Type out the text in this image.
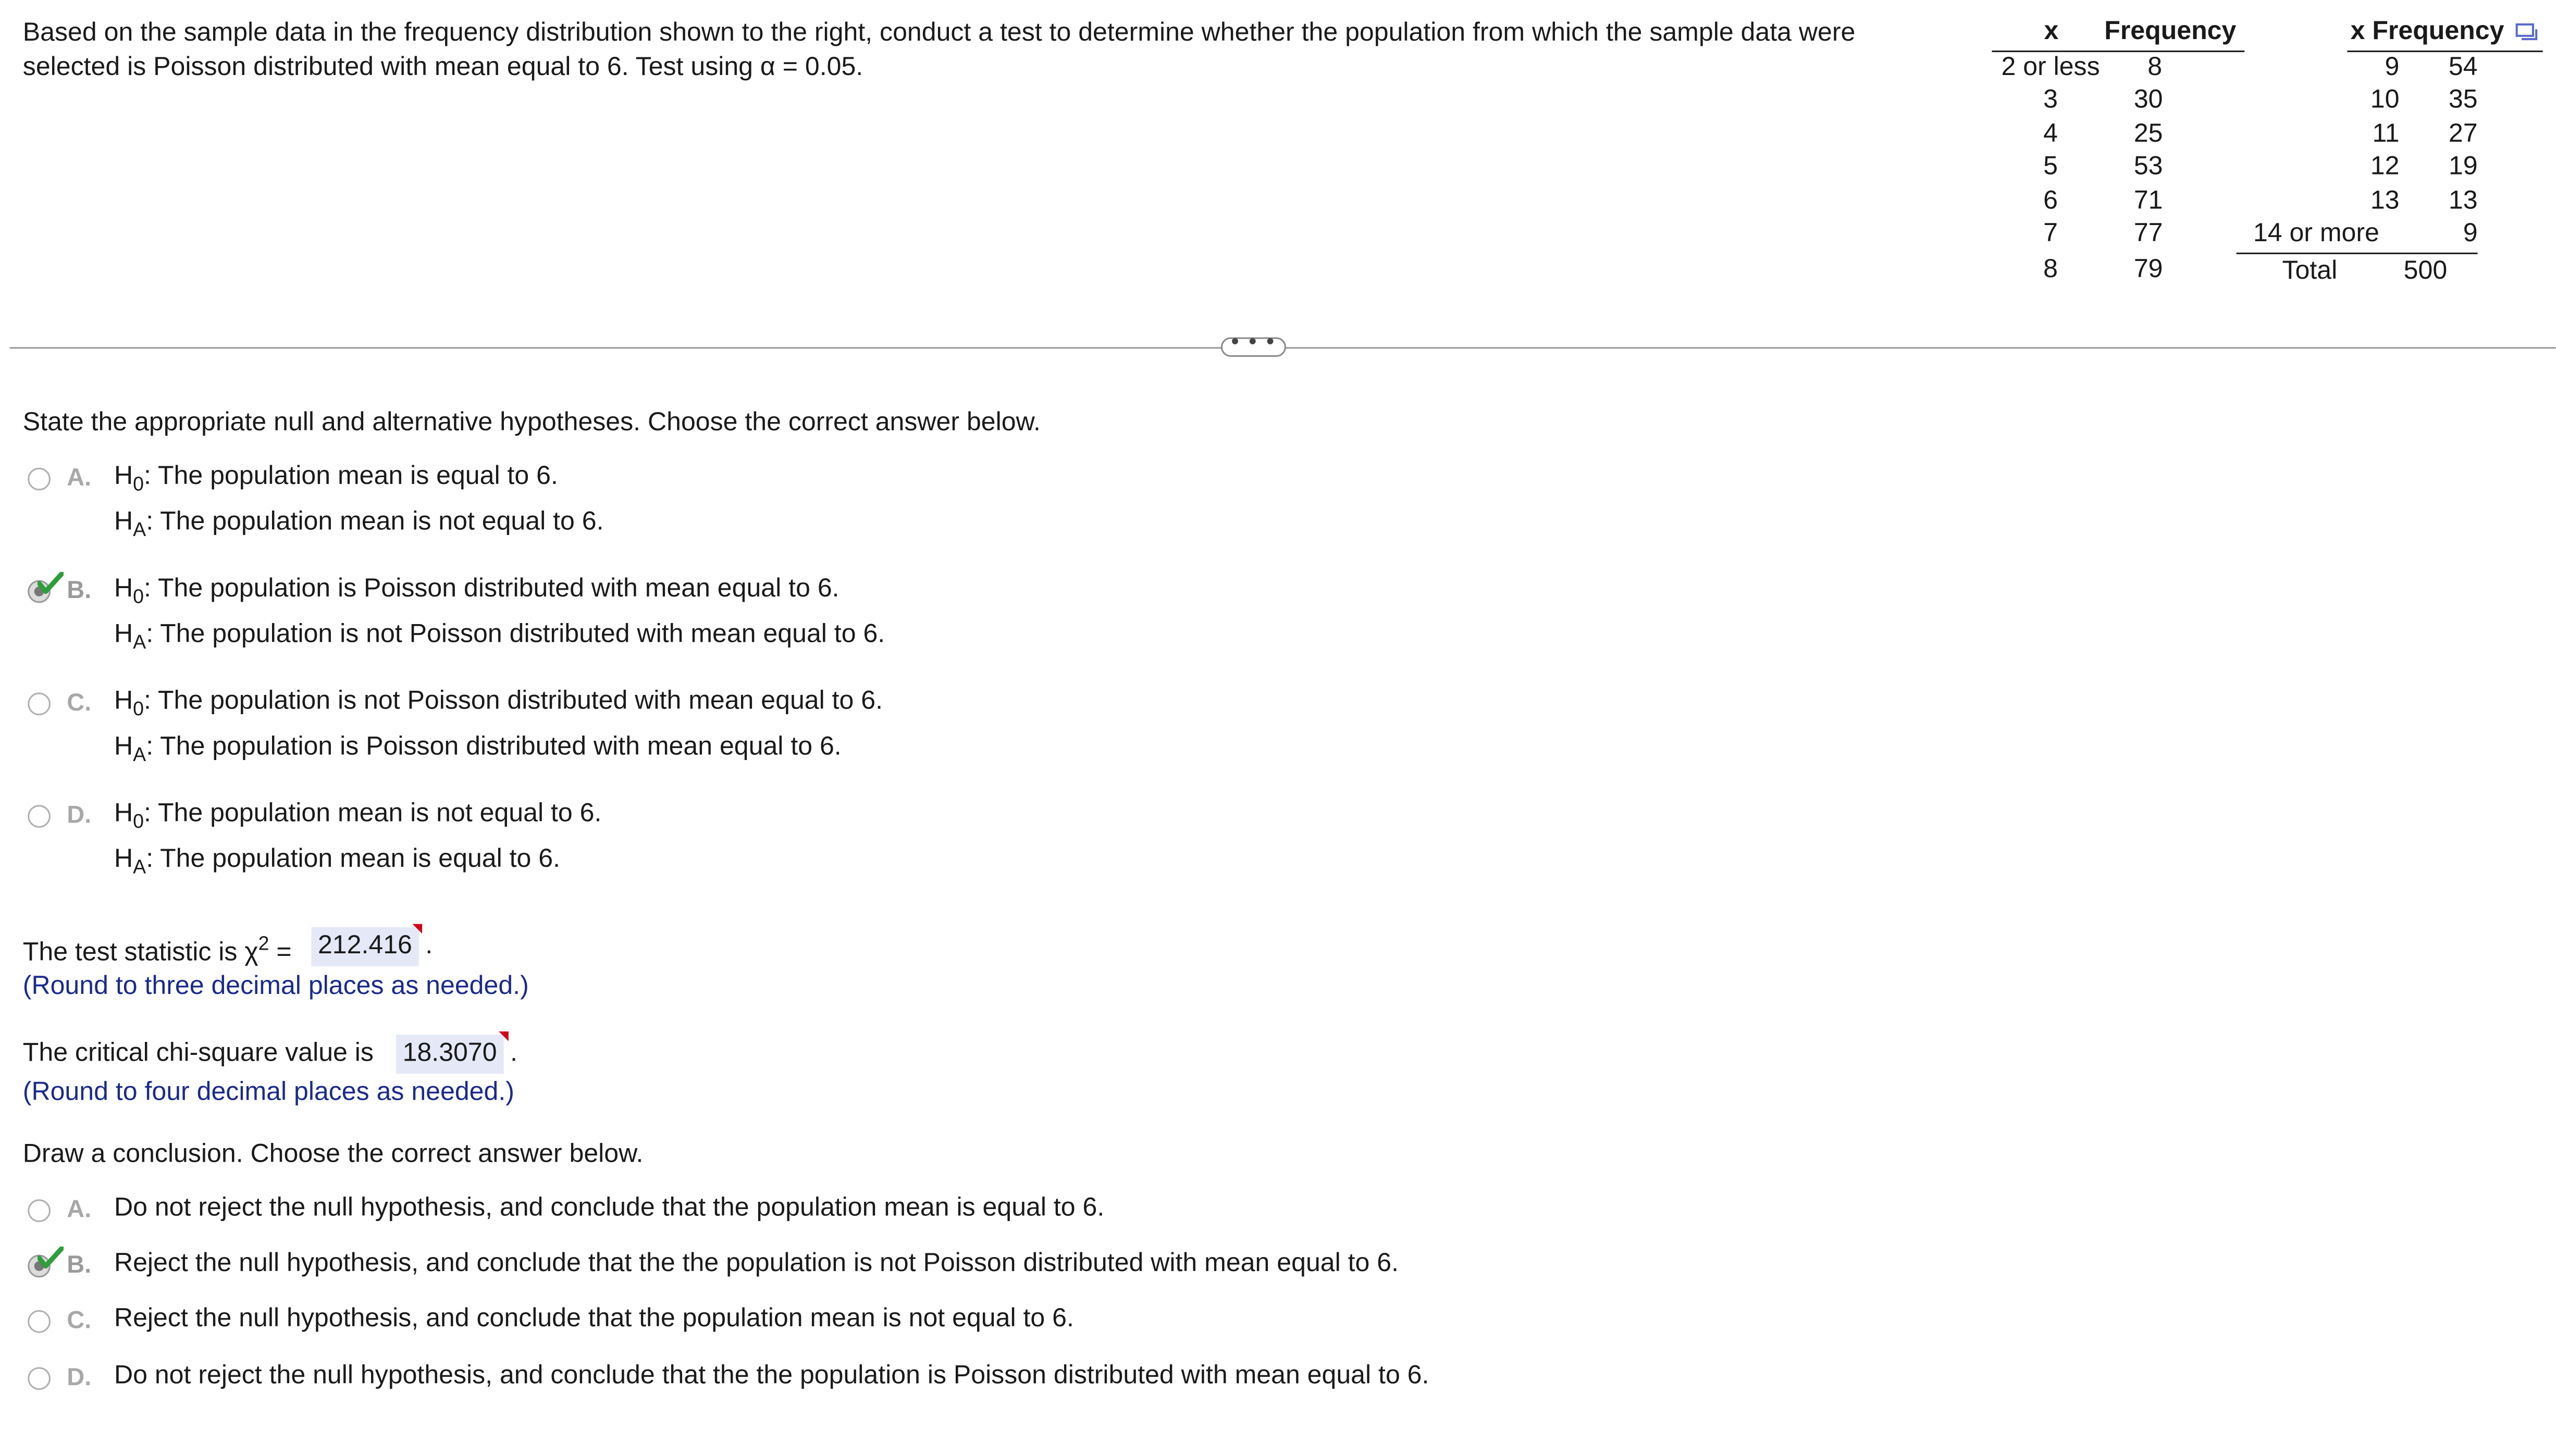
Based on the sample data in the frequency distribution shown to the right, conduct a test to determine whether the population from which the sample data were selected is Poisson distributed with mean equal to 6. Test using α = 0.05.
x	Frequency	x Frequency
2 or less	8
3	30
4	25
5	53
6	71
7	77
8	79
9	54
10	35
11	27
12	19
13	13
14 or more	9
Total	500
• • •
State the appropriate null and alternative hypotheses. Choose the correct answer below.
A.	$H_0$: The population mean is equal to 6.
$H_A$: The population mean is not equal to 6.
B.	$H_0$: The population is Poisson distributed with mean equal to 6.
$H_A$: The population is not Poisson distributed with mean equal to 6.
C.	$H_0$: The population is not Poisson distributed with mean equal to 6.
$H_A$: The population is Poisson distributed with mean equal to 6.
D.	$H_0$: The population mean is not equal to 6.
$H_A$: The population mean is equal to 6.
The test statistic is $\chi^2$ =	212.416	.
(Round to three decimal places as needed.)
The critical chi-square value is	18.3070	.
(Round to four decimal places as needed.)
Draw a conclusion. Choose the correct answer below.
A.	Do not reject the null hypothesis, and conclude that the population mean is equal to 6.
B.	Reject the null hypothesis, and conclude that the the population is not Poisson distributed with mean equal to 6.
C.	Reject the null hypothesis, and conclude that the population mean is not equal to 6.
D.	Do not reject the null hypothesis, and conclude that the the population is Poisson distributed with mean equal to 6.
